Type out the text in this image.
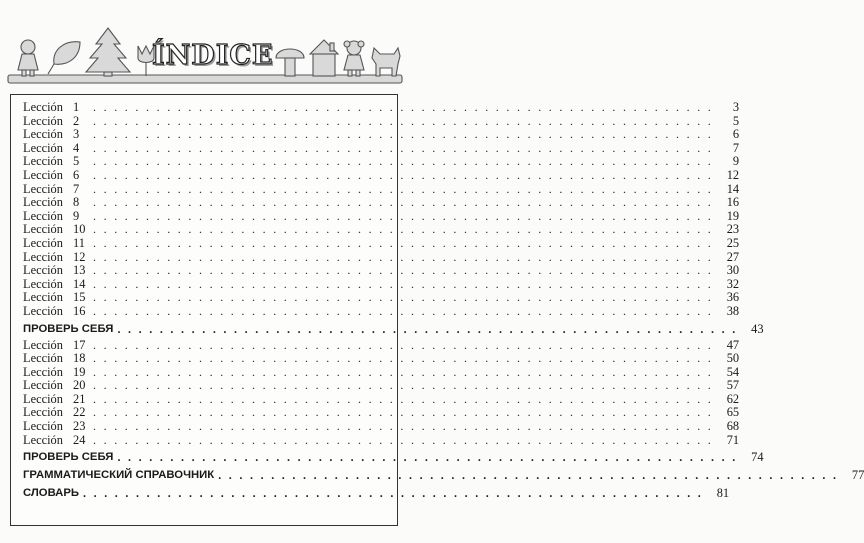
ÍNDICE
Lección 1	. . . . . . . . . . . . . . . . . . . . . . . . . . . . . . . . . . . . . . . . . . . . . . . . . . . . . . . . . . .	3
Lección 2	. . . . . . . . . . . . . . . . . . . . . . . . . . . . . . . . . . . . . . . . . . . . . . . . . . . . . . . . . . .	5
Lección 3	. . . . . . . . . . . . . . . . . . . . . . . . . . . . . . . . . . . . . . . . . . . . . . . . . . . . . . . . . . .	6
Lección 4	. . . . . . . . . . . . . . . . . . . . . . . . . . . . . . . . . . . . . . . . . . . . . . . . . . . . . . . . . . .	7
Lección 5	. . . . . . . . . . . . . . . . . . . . . . . . . . . . . . . . . . . . . . . . . . . . . . . . . . . . . . . . . . .	9
Lección 6	. . . . . . . . . . . . . . . . . . . . . . . . . . . . . . . . . . . . . . . . . . . . . . . . . . . . . . . . . . .	12
Lección 7	. . . . . . . . . . . . . . . . . . . . . . . . . . . . . . . . . . . . . . . . . . . . . . . . . . . . . . . . . . .	14
Lección 8	. . . . . . . . . . . . . . . . . . . . . . . . . . . . . . . . . . . . . . . . . . . . . . . . . . . . . . . . . . .	16
Lección 9	. . . . . . . . . . . . . . . . . . . . . . . . . . . . . . . . . . . . . . . . . . . . . . . . . . . . . . . . . . .	19
Lección 10 . . . . . . . . . . . . . . . . . . . . . . . . . . . . . . . . . . . . . . . . . . . . . . . . . . . . . . . . . . .	23
Lección 11 . . . . . . . . . . . . . . . . . . . . . . . . . . . . . . . . . . . . . . . . . . . . . . . . . . . . . . . . . . .	25
Lección 12 . . . . . . . . . . . . . . . . . . . . . . . . . . . . . . . . . . . . . . . . . . . . . . . . . . . . . . . . . . .	27
Lección 13 . . . . . . . . . . . . . . . . . . . . . . . . . . . . . . . . . . . . . . . . . . . . . . . . . . . . . . . . . . .	30
Lección 14 . . . . . . . . . . . . . . . . . . . . . . . . . . . . . . . . . . . . . . . . . . . . . . . . . . . . . . . . . . .	32
Lección 15 . . . . . . . . . . . . . . . . . . . . . . . . . . . . . . . . . . . . . . . . . . . . . . . . . . . . . . . . . . .	36
Lección 16 . . . . . . . . . . . . . . . . . . . . . . . . . . . . . . . . . . . . . . . . . . . . . . . . . . . . . . . . . . .	38
ПРОВЕРЬ СЕБЯ . . . . . . . . . . . . . . . . . . . . . . . . . . . . . . . . . . . . . . . . . . . . . . . . . . . . . . . . . . .	43
Lección 17 . . . . . . . . . . . . . . . . . . . . . . . . . . . . . . . . . . . . . . . . . . . . . . . . . . . . . . . . . . .	47
Lección 18 . . . . . . . . . . . . . . . . . . . . . . . . . . . . . . . . . . . . . . . . . . . . . . . . . . . . . . . . . . .	50
Lección 19 . . . . . . . . . . . . . . . . . . . . . . . . . . . . . . . . . . . . . . . . . . . . . . . . . . . . . . . . . . .	54
Lección 20 . . . . . . . . . . . . . . . . . . . . . . . . . . . . . . . . . . . . . . . . . . . . . . . . . . . . . . . . . . .	57
Lección 21 . . . . . . . . . . . . . . . . . . . . . . . . . . . . . . . . . . . . . . . . . . . . . . . . . . . . . . . . . . .	62
Lección 22 . . . . . . . . . . . . . . . . . . . . . . . . . . . . . . . . . . . . . . . . . . . . . . . . . . . . . . . . . . .	65
Lección 23 . . . . . . . . . . . . . . . . . . . . . . . . . . . . . . . . . . . . . . . . . . . . . . . . . . . . . . . . . . .	68
Lección 24 . . . . . . . . . . . . . . . . . . . . . . . . . . . . . . . . . . . . . . . . . . . . . . . . . . . . . . . . . . .	71
ПРОВЕРЬ СЕБЯ . . . . . . . . . . . . . . . . . . . . . . . . . . . . . . . . . . . . . . . . . . . . . . . . . . . . . . . . . . .	74
ГРАММАТИЧЕСКИЙ СПРАВОЧНИК . . . . . . . . . . . . . . . . . . . . . . . . . . . . . . . . . . . . . . . . . . . . . . . . . . . . . . . . . . .	77
СЛОВАРЬ . . . . . . . . . . . . . . . . . . . . . . . . . . . . . . . . . . . . . . . . . . . . . . . . . . . . . . . . . . .	81
